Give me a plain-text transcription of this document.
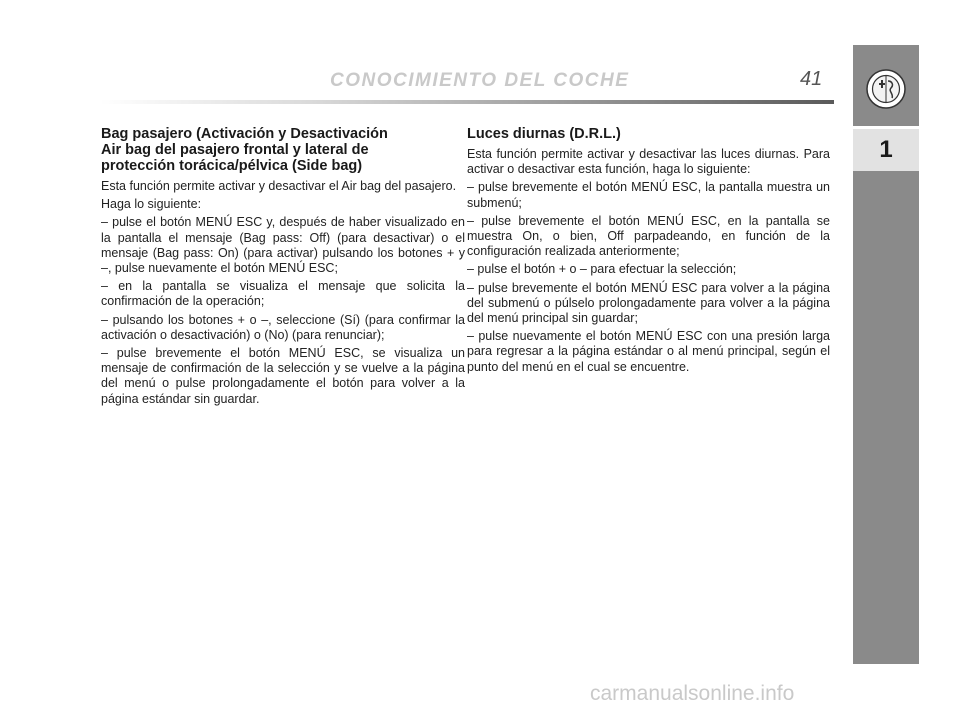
CONOCIMIENTO DEL COCHE	41
1
Bag pasajero (Activación y Desactivación
Air bag del pasajero frontal y lateral de
protección torácica/pélvica (Side bag)

Esta función permite activar y desactivar el Air bag del pasajero.

Haga lo siguiente:

– pulse el botón MENÚ ESC y, después de haber visualizado en la pantalla el mensaje (Bag pass: Off) (para desactivar) o el mensaje (Bag pass: On) (para activar) pulsando los botones + y –, pulse nuevamente el botón MENÚ ESC;

– en la pantalla se visualiza el mensaje que solicita la confirmación de la operación;

– pulsando los botones + o –, seleccione (Sí) (para confirmar la activación o desactivación) o (No) (para renunciar);

– pulse brevemente el botón MENÚ ESC, se visualiza un mensaje de confirmación de la selección y se vuelve a la página del menú o pulse prolongadamente el botón para volver a la página estándar sin guardar.

Luces diurnas (D.R.L.)

Esta función permite activar y desactivar las luces diurnas. Para activar o desactivar esta función, haga lo siguiente:

– pulse brevemente el botón MENÚ ESC, la pantalla muestra un submenú;

– pulse brevemente el botón MENÚ ESC, en la pantalla se muestra On, o bien, Off parpadeando, en función de la configuración realizada anteriormente;

– pulse el botón + o – para efectuar la selección;

– pulse brevemente el botón MENÚ ESC para volver a la página del submenú o púlselo prolongadamente para volver a la página del menú principal sin guardar;

– pulse nuevamente el botón MENÚ ESC con una presión larga para regresar a la página estándar o al menú principal, según el punto del menú en el cual se encuentre.

carmanualsonline.info
